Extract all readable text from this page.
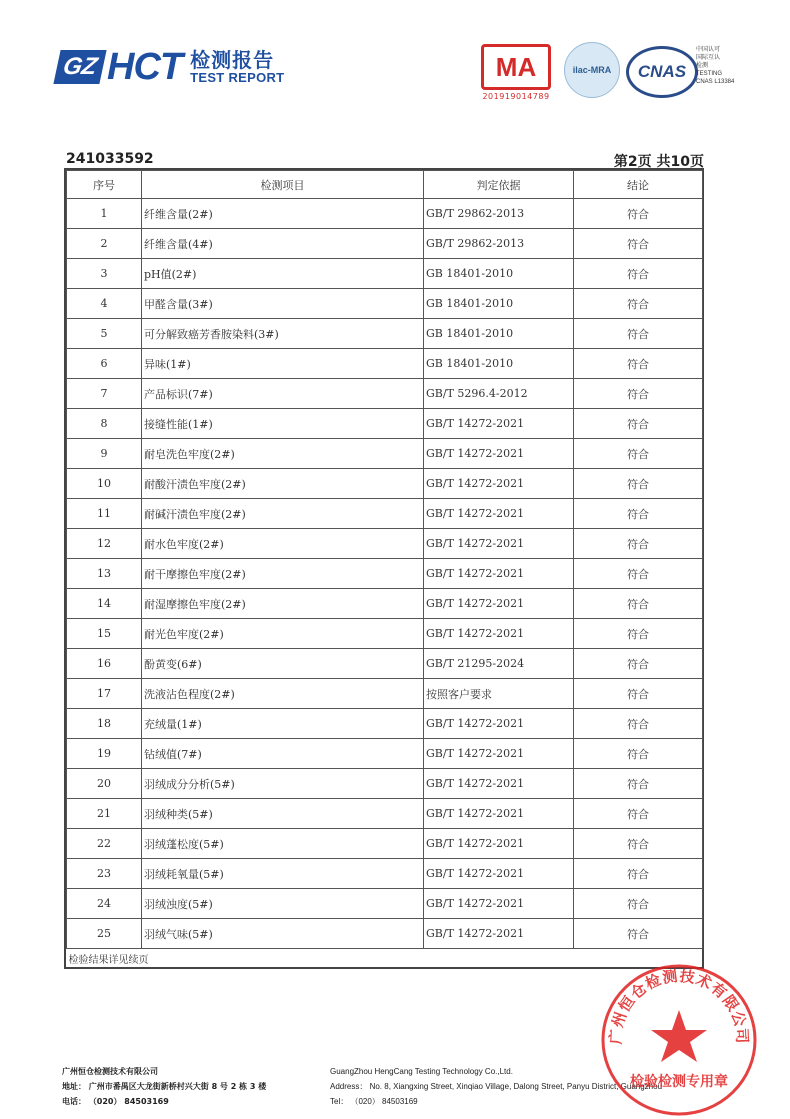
GZ HCT 检测报告
TEST REPORT	MA
201919014789
ilac-MRA	CNAS
中国认可
国际互认
检测
TESTING
CNAS L13384
241033592	第2页 共10页
序号	检测项目	判定依据	结论
1	纤维含量(2#)	GB/T 29862-2013	符合
2	纤维含量(4#)	GB/T 29862-2013	符合
3	pH值(2#)	GB 18401-2010	符合
4	甲醛含量(3#)	GB 18401-2010	符合
5	可分解致癌芳香胺染料(3#)	GB 18401-2010	符合
6	异味(1#)	GB 18401-2010	符合
7	产品标识(7#)	GB/T 5296.4-2012	符合
8	接缝性能(1#)	GB/T 14272-2021	符合
9	耐皂洗色牢度(2#)	GB/T 14272-2021	符合
10	耐酸汗渍色牢度(2#)	GB/T 14272-2021	符合
11	耐碱汗渍色牢度(2#)	GB/T 14272-2021	符合
12	耐水色牢度(2#)	GB/T 14272-2021	符合
13	耐干摩擦色牢度(2#)	GB/T 14272-2021	符合
14	耐湿摩擦色牢度(2#)	GB/T 14272-2021	符合
15	耐光色牢度(2#)	GB/T 14272-2021	符合
16	酚黄变(6#)	GB/T 21295-2024	符合
17	洗液沾色程度(2#)	按照客户要求	符合
18	充绒量(1#)	GB/T 14272-2021	符合
19	钻绒值(7#)	GB/T 14272-2021	符合
20	羽绒成分分析(5#)	GB/T 14272-2021	符合
21	羽绒种类(5#)	GB/T 14272-2021	符合
22	羽绒蓬松度(5#)	GB/T 14272-2021	符合
23	羽绒耗氧量(5#)	GB/T 14272-2021	符合
24	羽绒浊度(5#)	GB/T 14272-2021	符合
25	羽绒气味(5#)	GB/T 14272-2021	符合
检验结果详见续页			
广州恒仓检测技术有限公司
地址： 广州市番禺区大龙街新桥村兴大街 8 号 2 栋 3 楼
电话： （020） 84503169
GuangZhou HengCang Testing Technology Co.,Ltd.
Address： No. 8, Xiangxing Street, Xinqiao Village, Dalong Street, Panyu District, Guangzhou
Tel： （020） 84503169
广州恒仓检测技术有限公司
检验检测专用章
